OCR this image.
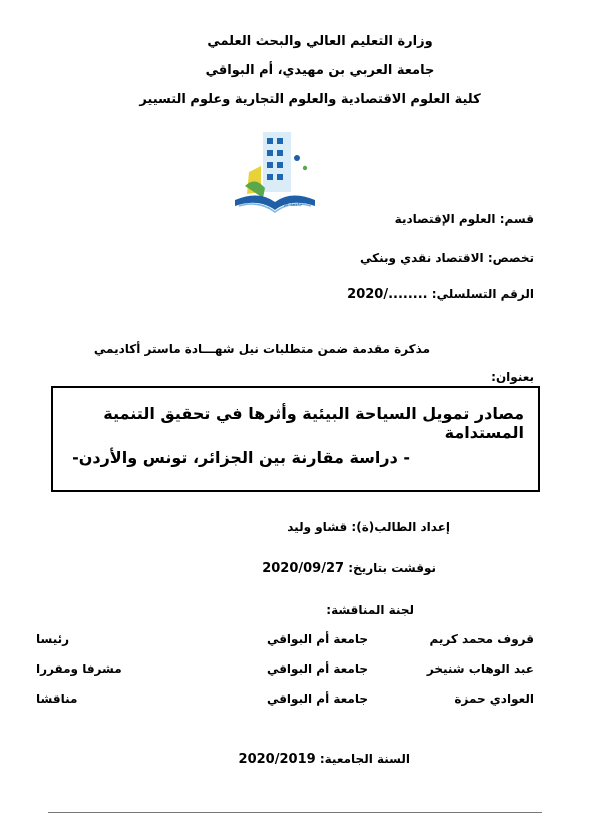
وزارة التعليم العالي والبحث العلمي
جامعة العربي بن مهيدي، أم البواقي
كلية العلوم الاقتصادية والعلوم التجارية وعلوم التسيير
جامعة أم البواقي
قسم: العلوم الإقتصادية
تخصص: الاقتصاد نقدي وبنكي
الرقم التسلسلي: 2020/........
مذكرة مقدمة ضمن متطلبات نيل شهـــادة ماستر أكاديمي
بعنوان:
مصادر تمويل السياحة البيئية وأثرها في تحقيق التنمية المستدامة
- دراسة مقارنة بين الجزائر، تونس والأردن-
إعداد الطالب(ة): قشاو وليد
نوقشت بتاريخ: 2020/09/27
لجنة المناقشة:
قروف محمد كريم
جامعة أم البواقي
رئيسا
عبد الوهاب شنيخر
جامعة أم البواقي
مشرفا ومقررا
العوادي حمزة
جامعة أم البواقي
مناقشا
السنة الجامعية: 2020/2019
